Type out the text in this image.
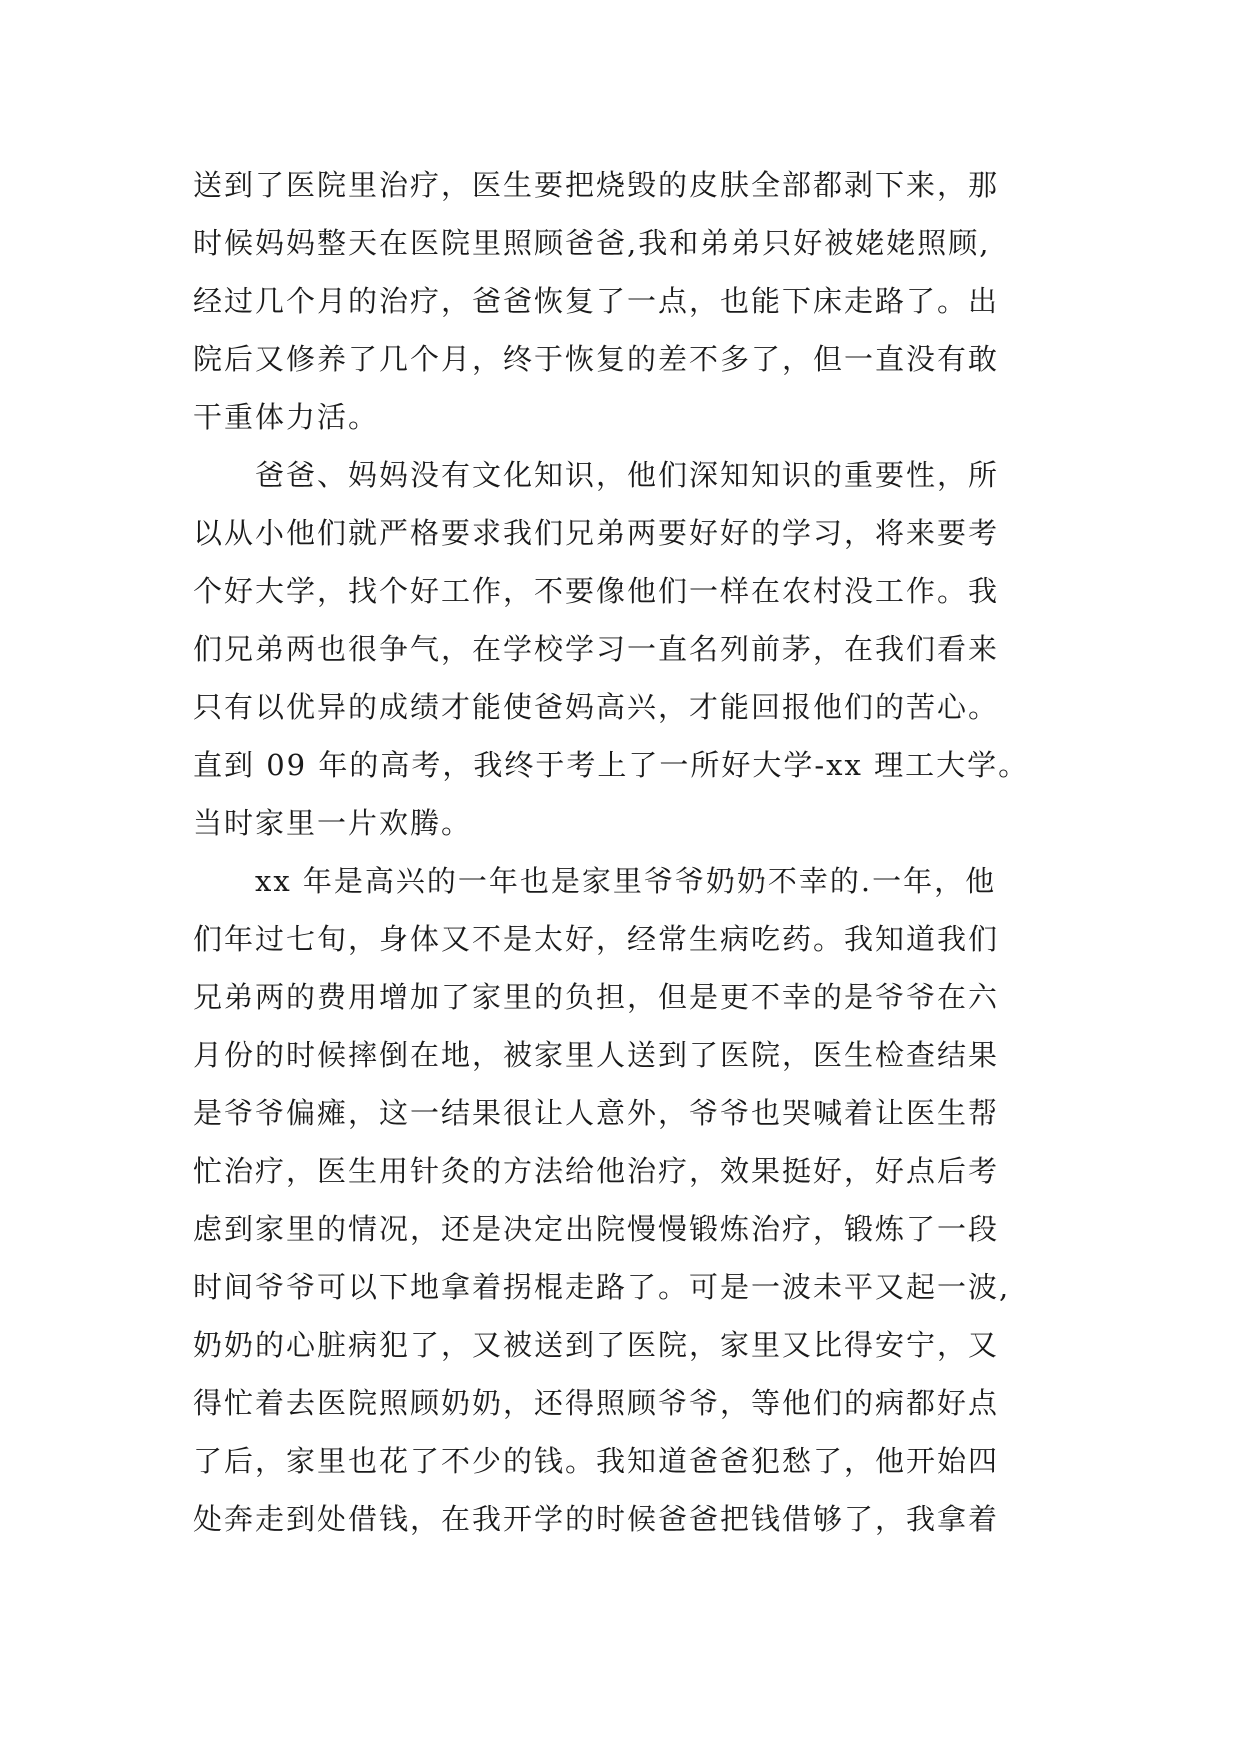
送到了医院里治疗，医生要把烧毁的皮肤全部都剥下来，那
时候妈妈整天在医院里照顾爸爸,我和弟弟只好被姥姥照顾,
经过几个月的治疗，爸爸恢复了一点，也能下床走路了。出
院后又修养了几个月，终于恢复的差不多了，但一直没有敢
干重体力活。
爸爸、妈妈没有文化知识，他们深知知识的重要性，所
以从小他们就严格要求我们兄弟两要好好的学习，将来要考
个好大学，找个好工作，不要像他们一样在农村没工作。我
们兄弟两也很争气，在学校学习一直名列前茅，在我们看来
只有以优异的成绩才能使爸妈高兴，才能回报他们的苦心。
直到 09 年的高考，我终于考上了一所好大学-xx 理工大学。
当时家里一片欢腾。
xx 年是高兴的一年也是家里爷爷奶奶不幸的.一年，他
们年过七旬，身体又不是太好，经常生病吃药。我知道我们
兄弟两的费用增加了家里的负担，但是更不幸的是爷爷在六
月份的时候摔倒在地，被家里人送到了医院，医生检查结果
是爷爷偏瘫，这一结果很让人意外，爷爷也哭喊着让医生帮
忙治疗，医生用针灸的方法给他治疗，效果挺好，好点后考
虑到家里的情况，还是决定出院慢慢锻炼治疗，锻炼了一段
时间爷爷可以下地拿着拐棍走路了。可是一波未平又起一波,
奶奶的心脏病犯了，又被送到了医院，家里又比得安宁，又
得忙着去医院照顾奶奶，还得照顾爷爷，等他们的病都好点
了后，家里也花了不少的钱。我知道爸爸犯愁了，他开始四
处奔走到处借钱，在我开学的时候爸爸把钱借够了，我拿着
